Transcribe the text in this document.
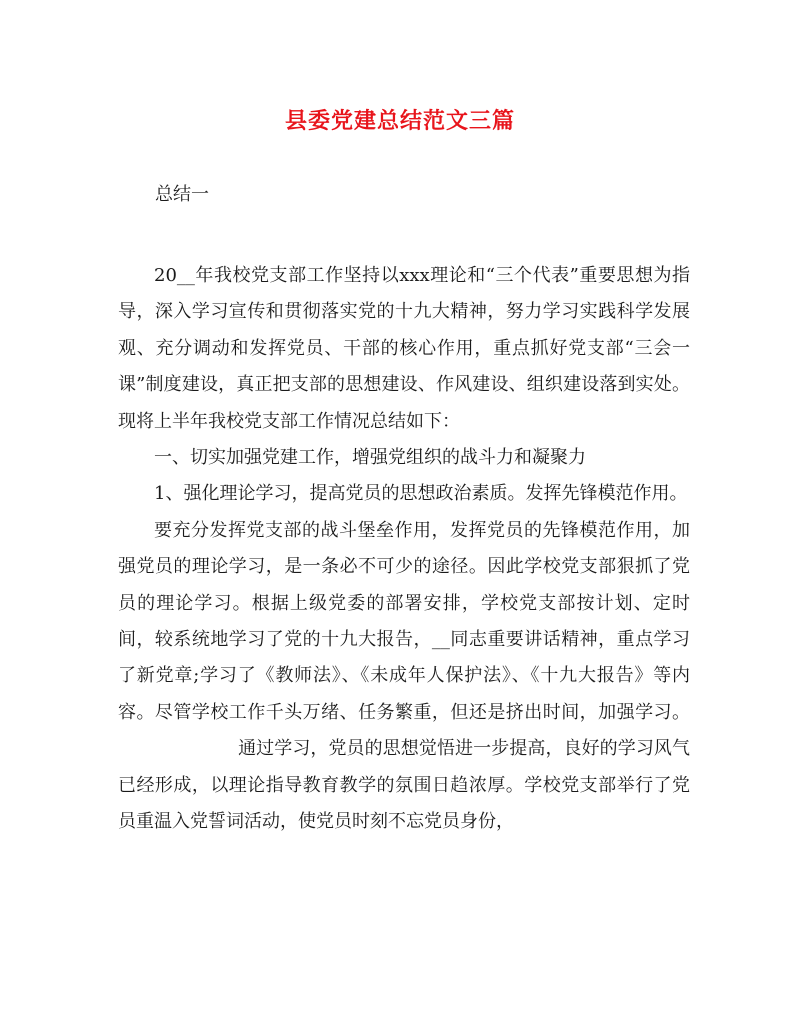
县委党建总结范文三篇
总结一

20__年我校党支部工作坚持以xxx理论和“三个代表”重要思想为指导，深入学习宣传和贯彻落实党的十九大精神，努力学习实践科学发展观、充分调动和发挥党员、干部的核心作用，重点抓好党支部“三会一课”制度建设，真正把支部的思想建设、作风建设、组织建设落到实处。现将上半年我校党支部工作情况总结如下：

一、切实加强党建工作，增强党组织的战斗力和凝聚力

1、强化理论学习，提高党员的思想政治素质。发挥先锋模范作用。

要充分发挥党支部的战斗堡垒作用，发挥党员的先锋模范作用，加强党员的理论学习，是一条必不可少的途径。因此学校党支部狠抓了党员的理论学习。根据上级党委的部署安排，学校党支部按计划、定时间，较系统地学习了党的十九大报告，__同志重要讲话精神，重点学习了新党章;学习了《教师法》、《未成年人保护法》、《十九大报告》等内容。尽管学校工作千头万绪、任务繁重，但还是挤出时间，加强学习。通过学习，党员的思想觉悟进一步提高，良好的学习风气已经形成，以理论指导教育教学的氛围日趋浓厚。学校党支部举行了党员重温入党誓词活动，使党员时刻不忘党员身份，
